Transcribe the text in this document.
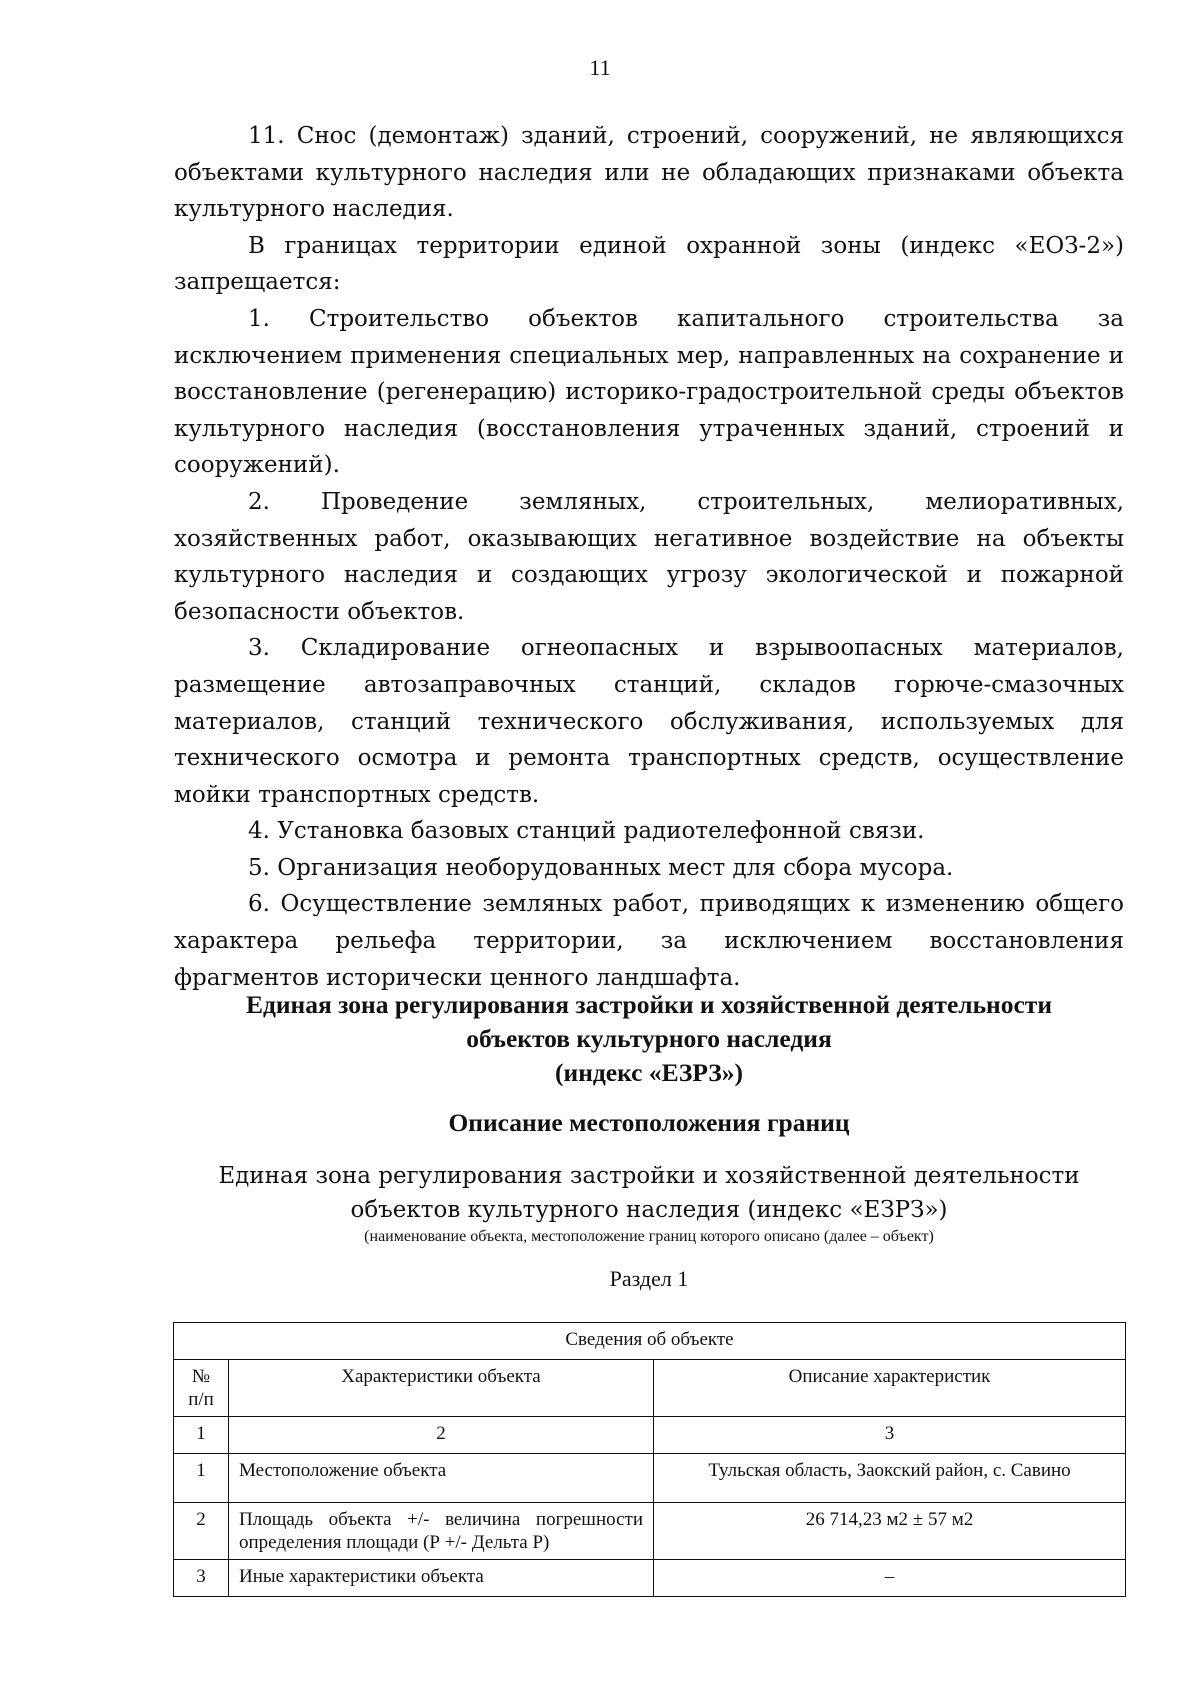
11

11. Снос (демонтаж) зданий, строений, сооружений, не являющихся объектами культурного наследия или не обладающих признаками объекта культурного наследия.

В границах территории единой охранной зоны (индекс «ЕОЗ-2») запрещается:

1. Строительство объектов капитального строительства за исключением применения специальных мер, направленных на сохранение и восстановление (регенерацию) историко-градостроительной среды объектов культурного наследия (восстановления утраченных зданий, строений и сооружений).

2. Проведение земляных, строительных, мелиоративных, хозяйственных работ, оказывающих негативное воздействие на объекты культурного наследия и создающих угрозу экологической и пожарной безопасности объектов.

3. Складирование огнеопасных и взрывоопасных материалов, размещение автозаправочных станций, складов горюче-смазочных материалов, станций технического обслуживания, используемых для технического осмотра и ремонта транспортных средств, осуществление мойки транспортных средств.

4. Установка базовых станций радиотелефонной связи.

5. Организация необорудованных мест для сбора мусора.

6. Осуществление земляных работ, приводящих к изменению общего характера рельефа территории, за исключением восстановления фрагментов исторически ценного ландшафта.

Единая зона регулирования застройки и хозяйственной деятельности
объектов культурного наследия
(индекс «ЕЗРЗ»)
Описание местоположения границ
Единая зона регулирования застройки и хозяйственной деятельности
объектов культурного наследия (индекс «ЕЗРЗ»)
(наименование объекта, местоположение границ которого описано (далее – объект)
Раздел 1
Сведения об объекте		
№ п/п	Характеристики объекта	Описание характеристик
1	2	3
1	Местоположение объекта	Тульская область, Заокский район, с. Савино
2	Площадь объекта +/- величина погрешности определения площади (Р +/- Дельта Р)	26 714,23 м2 ± 57 м2
3	Иные характеристики объекта	–
